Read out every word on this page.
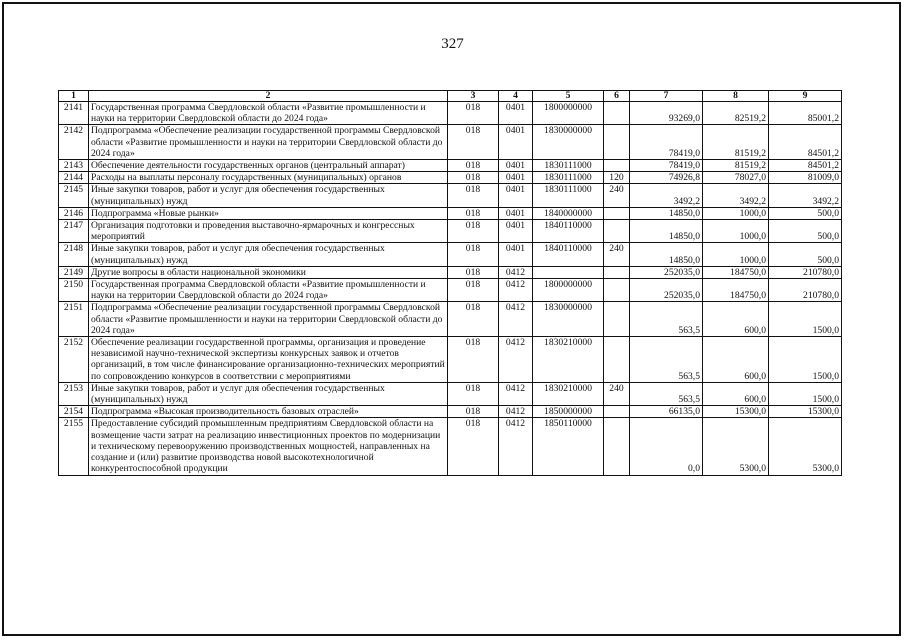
327
1	2	3	4	5	6	7	8	9
2141	Государственная программа Свердловской области «Развитие промышленности и науки на территории Свердловской области до 2024 года»	018	0401	1800000000		93269,0	82519,2	85001,2
2142	Подпрограмма «Обеспечение реализации государственной программы Свердловской области «Развитие промышленности и науки на территории Свердловской области до 2024 года»	018	0401	1830000000		78419,0	81519,2	84501,2
2143	Обеспечение деятельности государственных органов (центральный аппарат)	018	0401	1830111000		78419,0	81519,2	84501,2
2144	Расходы на выплаты персоналу государственных (муниципальных) органов	018	0401	1830111000	120	74926,8	78027,0	81009,0
2145	Иные закупки товаров, работ и услуг для обеспечения государственных (муниципальных) нужд	018	0401	1830111000	240	3492,2	3492,2	3492,2
2146	Подпрограмма «Новые рынки»	018	0401	1840000000		14850,0	1000,0	500,0
2147	Организация подготовки и проведения выставочно-ярмарочных и конгрессных мероприятий	018	0401	1840110000		14850,0	1000,0	500,0
2148	Иные закупки товаров, работ и услуг для обеспечения государственных (муниципальных) нужд	018	0401	1840110000	240	14850,0	1000,0	500,0
2149	Другие вопросы в области национальной экономики	018	0412			252035,0	184750,0	210780,0
2150	Государственная программа Свердловской области «Развитие промышленности и науки на территории Свердловской области до 2024 года»	018	0412	1800000000		252035,0	184750,0	210780,0
2151	Подпрограмма «Обеспечение реализации государственной программы Свердловской области «Развитие промышленности и науки на территории Свердловской области до 2024 года»	018	0412	1830000000		563,5	600,0	1500,0
2152	Обеспечение реализации государственной программы, организация и проведение независимой научно-технической экспертизы конкурсных заявок и отчетов организаций, в том числе финансирование организационно-технических мероприятий по сопровождению конкурсов в соответствии с мероприятиями	018	0412	1830210000		563,5	600,0	1500,0
2153	Иные закупки товаров, работ и услуг для обеспечения государственных (муниципальных) нужд	018	0412	1830210000	240	563,5	600,0	1500,0
2154	Подпрограмма «Высокая производительность базовых отраслей»	018	0412	1850000000		66135,0	15300,0	15300,0
2155	Предоставление субсидий промышленным предприятиям Свердловской области на возмещение части затрат на реализацию инвестиционных проектов по модернизации и техническому перевооружению производственных мощностей, направленных на создание и (или) развитие производства новой высокотехнологичной конкурентоспособной продукции	018	0412	1850110000		0,0	5300,0	5300,0
